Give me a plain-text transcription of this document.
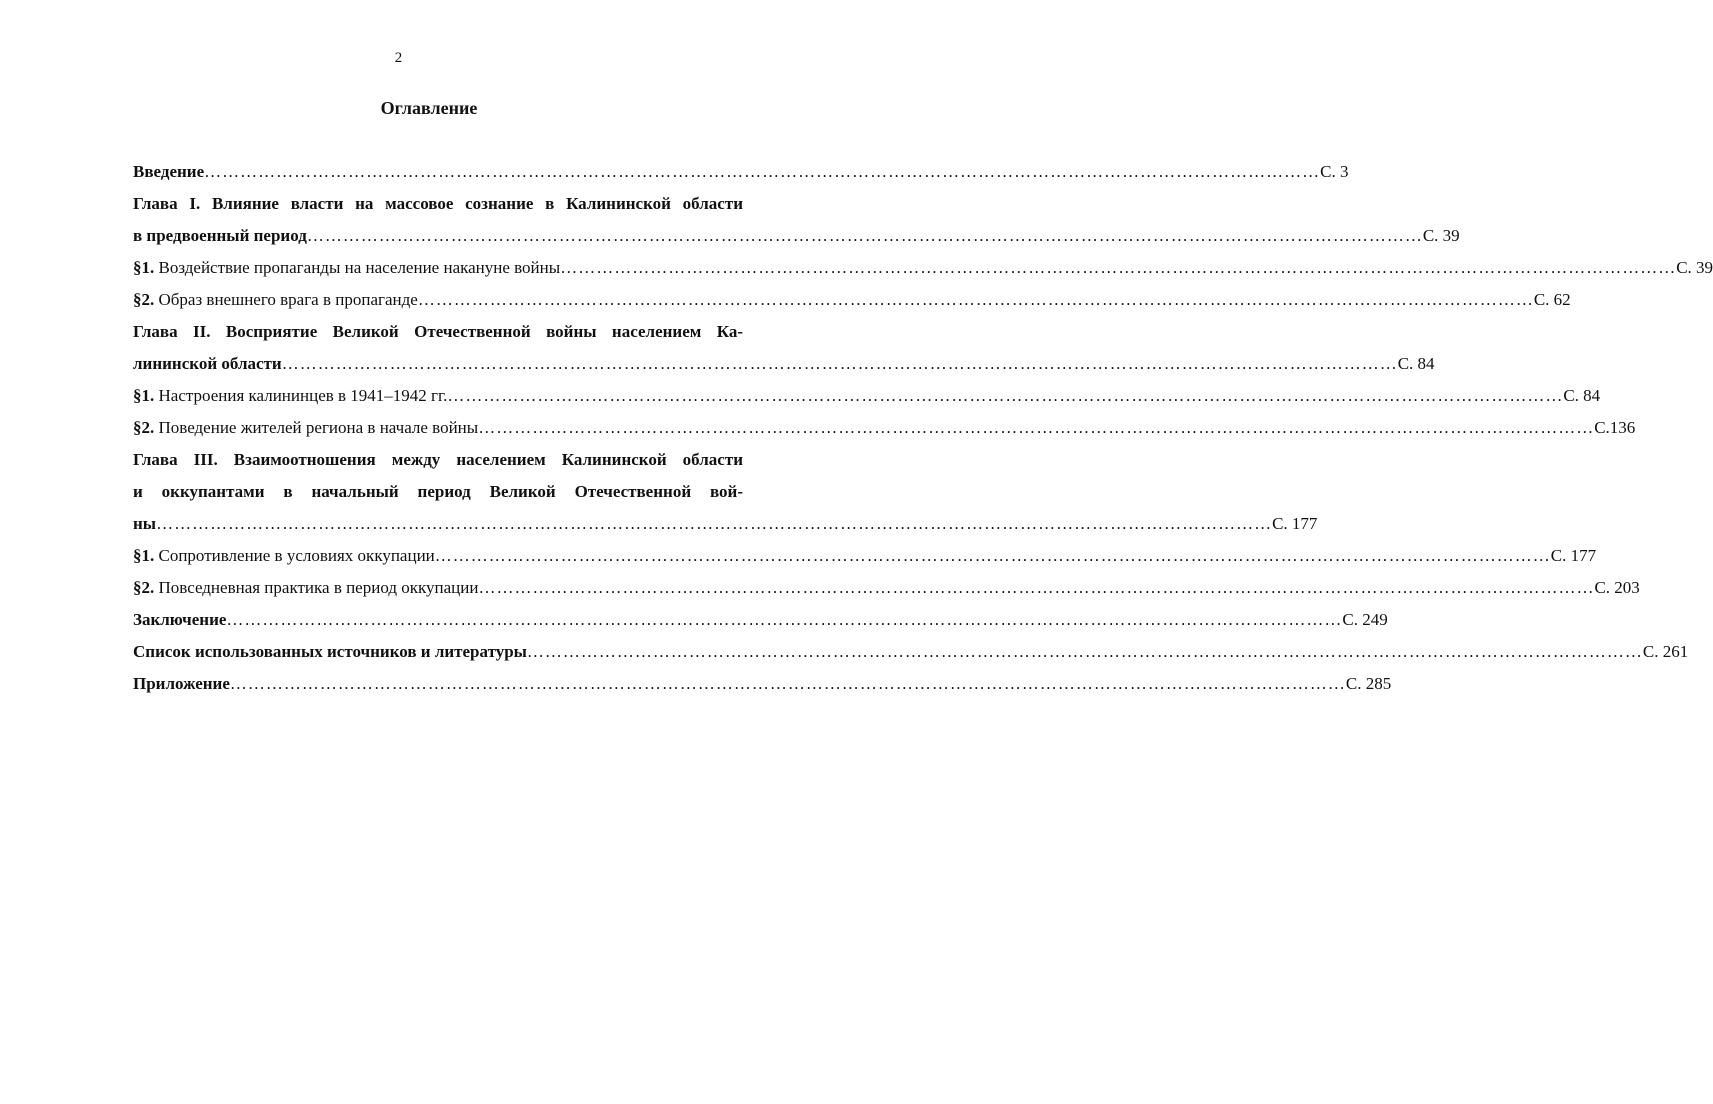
2
Оглавление
Введение …………………………………………………………………………………………………………………………………………………………………… С. 3
Глава I. Влияние власти на массовое сознание в Калининской области
в предвоенный период …………………………………………………………………………………………………………………………………………………………………… С. 39
§1. Воздействие пропаганды на население накануне войны …………………………………………………………………………………………………………………………………………………………………… С. 39
§2. Образ внешнего врага в пропаганде …………………………………………………………………………………………………………………………………………………………………… С. 62
Глава II. Восприятие Великой Отечественной войны населением Ка-
лининской области …………………………………………………………………………………………………………………………………………………………………… С. 84
§1. Настроения калининцев в 1941–1942 гг. …………………………………………………………………………………………………………………………………………………………………… С. 84
§2. Поведение жителей региона в начале войны …………………………………………………………………………………………………………………………………………………………………… С.136
Глава III. Взаимоотношения между населением Калининской области
и оккупантами в начальный период Великой Отечественной вой-
ны …………………………………………………………………………………………………………………………………………………………………… С. 177
§1. Сопротивление в условиях оккупации …………………………………………………………………………………………………………………………………………………………………… С. 177
§2. Повседневная практика в период оккупации …………………………………………………………………………………………………………………………………………………………………… С. 203
Заключение …………………………………………………………………………………………………………………………………………………………………… С. 249
Список использованных источников и литературы …………………………………………………………………………………………………………………………………………………………………… С. 261
Приложение …………………………………………………………………………………………………………………………………………………………………… С. 285
